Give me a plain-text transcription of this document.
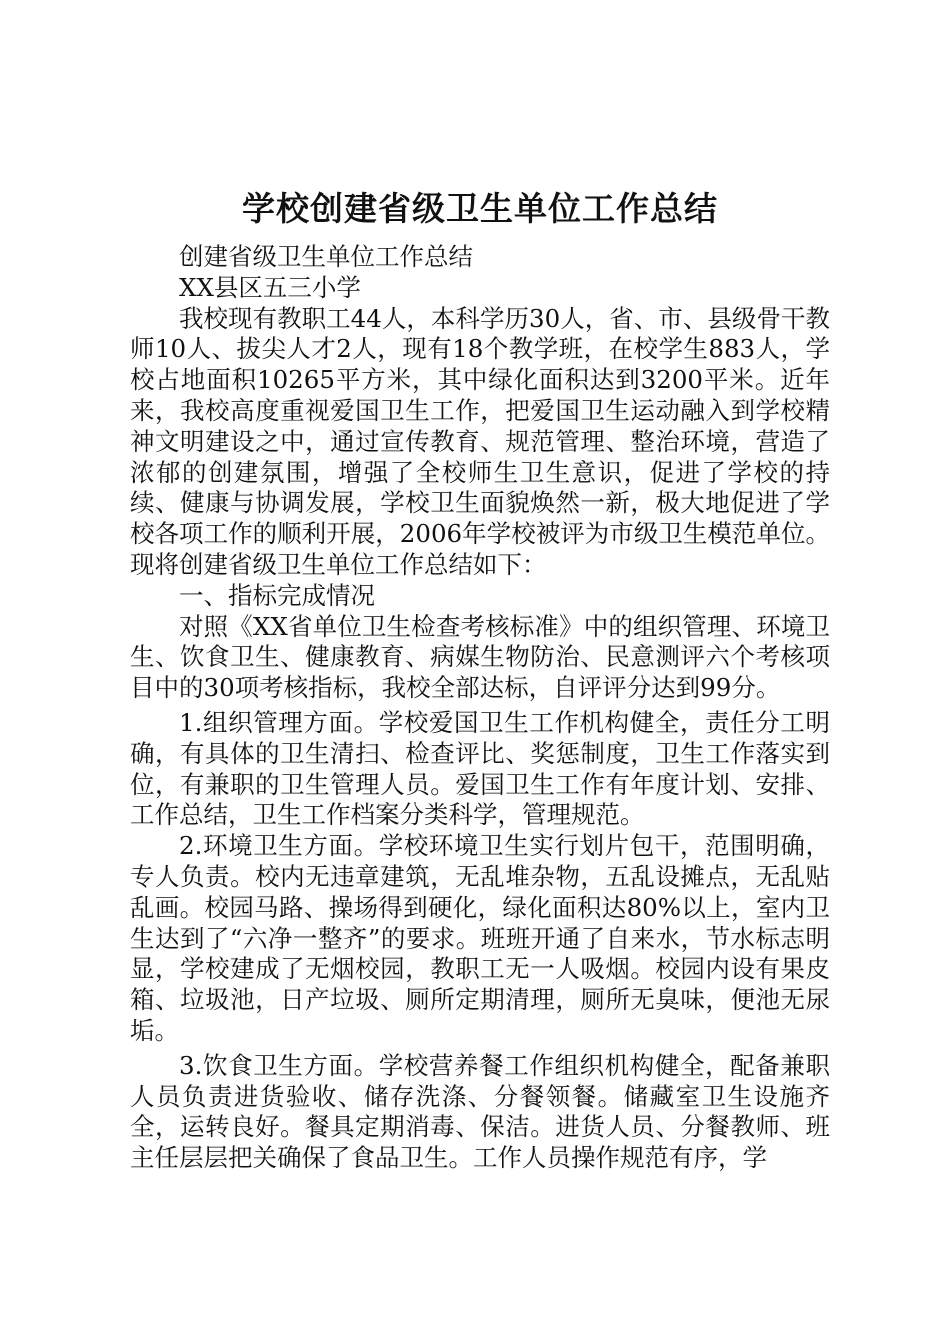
学校创建省级卫生单位工作总结

创建省级卫生单位工作总结

XX县区五三小学

我校现有教职工44人，本科学历30人，省、市、县级骨干教师10人、拔尖人才2人，现有18个教学班，在校学生883人，学校占地面积10265平方米，其中绿化面积达到3200平米。近年来，我校高度重视爱国卫生工作，把爱国卫生运动融入到学校精神文明建设之中，通过宣传教育、规范管理、整治环境，营造了浓郁的创建氛围，增强了全校师生卫生意识，促进了学校的持续、健康与协调发展，学校卫生面貌焕然一新，极大地促进了学校各项工作的顺利开展，2006年学校被评为市级卫生模范单位。现将创建省级卫生单位工作总结如下：

一、指标完成情况

对照《XX省单位卫生检查考核标准》中的组织管理、环境卫生、饮食卫生、健康教育、病媒生物防治、民意测评六个考核项目中的30项考核指标，我校全部达标，自评评分达到99分。

1.组织管理方面。学校爱国卫生工作机构健全，责任分工明确，有具体的卫生清扫、检查评比、奖惩制度，卫生工作落实到位，有兼职的卫生管理人员。爱国卫生工作有年度计划、安排、工作总结，卫生工作档案分类科学，管理规范。

2.环境卫生方面。学校环境卫生实行划片包干，范围明确，专人负责。校内无违章建筑，无乱堆杂物，五乱设摊点，无乱贴乱画。校园马路、操场得到硬化，绿化面积达80%以上，室内卫生达到了“六净一整齐”的要求。班班开通了自来水，节水标志明显，学校建成了无烟校园，教职工无一人吸烟。校园内设有果皮箱、垃圾池，日产垃圾、厕所定期清理，厕所无臭味，便池无尿垢。

3.饮食卫生方面。学校营养餐工作组织机构健全，配备兼职人员负责进货验收、储存洗涤、分餐领餐。储藏室卫生设施齐全，运转良好。餐具定期消毒、保洁。进货人员、分餐教师、班主任层层把关确保了食品卫生。工作人员操作规范有序，学
